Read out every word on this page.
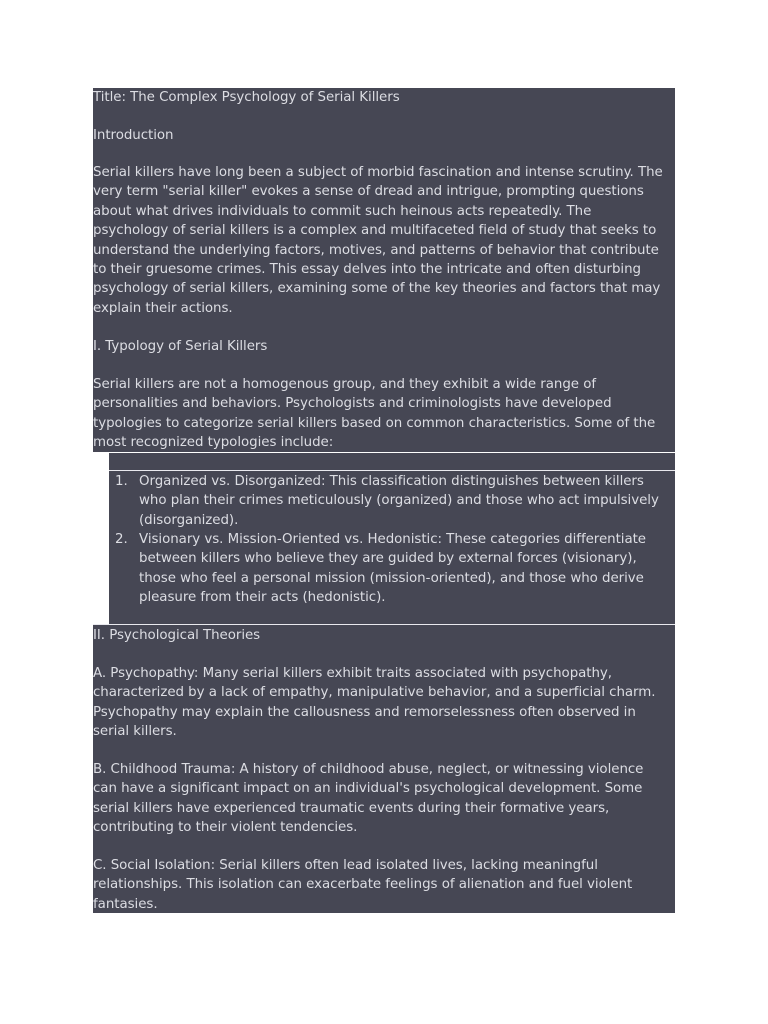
Title: The Complex Psychology of Serial Killers

Introduction

Serial killers have long been a subject of morbid fascination and intense scrutiny. The
very term "serial killer" evokes a sense of dread and intrigue, prompting questions
about what drives individuals to commit such heinous acts repeatedly. The
psychology of serial killers is a complex and multifaceted field of study that seeks to
understand the underlying factors, motives, and patterns of behavior that contribute
to their gruesome crimes. This essay delves into the intricate and often disturbing
psychology of serial killers, examining some of the key theories and factors that may
explain their actions.

I. Typology of Serial Killers

Serial killers are not a homogenous group, and they exhibit a wide range of
personalities and behaviors. Psychologists and criminologists have developed
typologies to categorize serial killers based on common characteristics. Some of the
most recognized typologies include:

1. Organized vs. Disorganized: This classification distinguishes between killers
who plan their crimes meticulously (organized) and those who act impulsively
(disorganized).

2. Visionary vs. Mission-Oriented vs. Hedonistic: These categories differentiate
between killers who believe they are guided by external forces (visionary),
those who feel a personal mission (mission-oriented), and those who derive
pleasure from their acts (hedonistic).

II. Psychological Theories

A. Psychopathy: Many serial killers exhibit traits associated with psychopathy,
characterized by a lack of empathy, manipulative behavior, and a superficial charm.
Psychopathy may explain the callousness and remorselessness often observed in
serial killers.

B. Childhood Trauma: A history of childhood abuse, neglect, or witnessing violence
can have a significant impact on an individual's psychological development. Some
serial killers have experienced traumatic events during their formative years,
contributing to their violent tendencies.

C. Social Isolation: Serial killers often lead isolated lives, lacking meaningful
relationships. This isolation can exacerbate feelings of alienation and fuel violent
fantasies.
